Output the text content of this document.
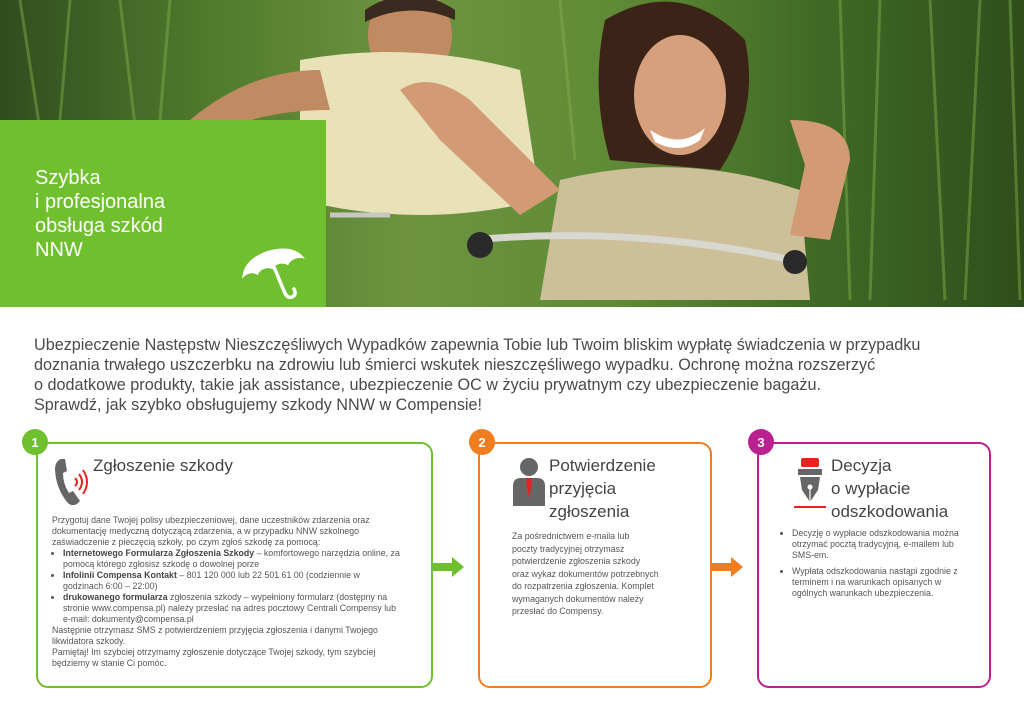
Szybka
i profesjonalna
obsługa szkód
NNW
Ubezpieczenie Następstw Nieszczęśliwych Wypadków zapewnia Tobie lub Twoim bliskim wypłatę świadczenia w przypadku
doznania trwałego uszczerbku na zdrowiu lub śmierci wskutek nieszczęśliwego wypadku. Ochronę można rozszerzyć
o dodatkowe produkty, takie jak assistance, ubezpieczenie OC w życiu prywatnym czy ubezpieczenie bagażu.
Sprawdź, jak szybko obsługujemy szkody NNW w Compensie!
1
Zgłoszenie szkody

Przygotuj dane Twojej polisy ubezpieczeniowej, dane uczestników zdarzenia oraz dokumentację medyczną dotyczącą zdarzenia, a w przypadku NNW szkolnego zaświadczenie z pieczęcią szkoły, po czym zgłoś szkodę za pomocą:

• Internetowego Formularza Zgłoszenia Szkody – komfortowego narzędzia online, za pomocą którego zgłosisz szkodę o dowolnej porze
• Infolinii Compensa Kontakt – 801 120 000 lub 22 501 61 00 (codziennie w godzinach 6:00 – 22:00)
• drukowanego formularza zgłoszenia szkody – wypełniony formularz (dostępny na stronie www.compensa.pl) należy przesłać na adres pocztowy Centrali Compensy lub e-mail: dokumenty@compensa.pl

Następnie otrzymasz SMS z potwierdzeniem przyjęcia zgłoszenia i danymi Twojego likwidatora szkody.

Pamiętaj! Im szybciej otrzymamy zgłoszenie dotyczące Twojej szkody, tym szybciej będziemy w stanie Ci pomóc.

2
Potwierdzenie
przyjęcia
zgłoszenia
Za pośrednictwem e-maila lub
poczty tradycyjnej otrzymasz
potwierdzenie zgłoszenia szkody
oraz wykaz dokumentów potrzebnych
do rozpatrzenia zgłoszenia. Komplet
wymaganych dokumentów należy
przesłać do Compensy.
3
Decyzja
o wypłacie
odszkodowania
• Decyzję o wypłacie odszkodowania można otrzymać pocztą tradycyjną, e-mailem lub SMS-em.
• Wypłata odszkodowania nastąpi zgodnie z terminem i na warunkach opisanych w ogólnych warunkach ubezpieczenia.
